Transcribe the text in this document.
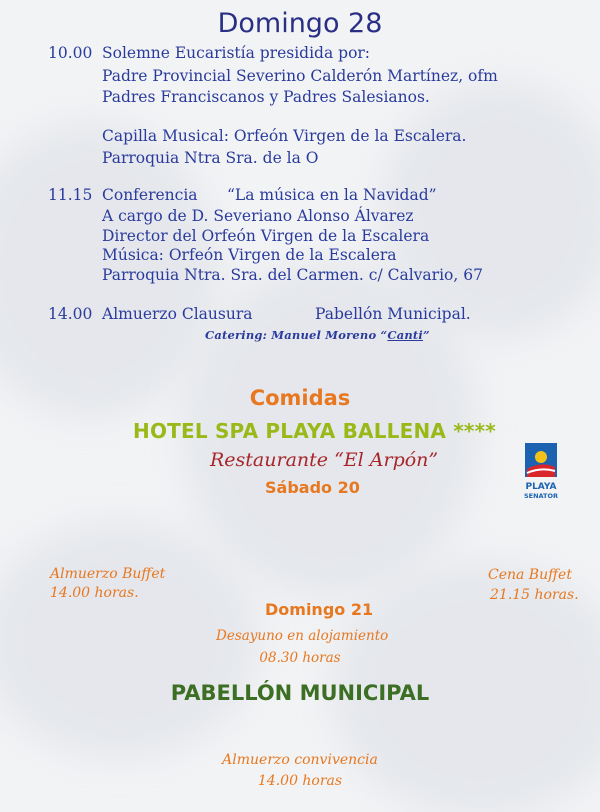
Domingo 28
10.00 Solemne Eucaristía presidida por:
Padre Provincial Severino Calderón Martínez, ofm
Padres Franciscanos y Padres Salesianos.
Capilla Musical: Orfeón Virgen de la Escalera.
Parroquia Ntra Sra. de la O
11.15 Conferencia “La música en la Navidad”
A cargo de D. Severiano Alonso Álvarez
Director del Orfeón Virgen de la Escalera
Música: Orfeón Virgen de la Escalera
Parroquia Ntra. Sra. del Carmen. c/ Calvario, 67
14.00 Almuerzo Clausura	Pabellón Municipal.
Catering: Manuel Moreno “Canti”
Comidas
HOTEL SPA PLAYA BALLENA ****
Restaurante “El Arpón”
Sábado 20	PLAYA
SENATOR
Almuerzo Buffet
14.00 horas.
Cena Buffet
21.15 horas.
Domingo 21
Desayuno en alojamiento
08.30 horas
PABELLÓN MUNICIPAL
Almuerzo convivencia
14.00 horas
